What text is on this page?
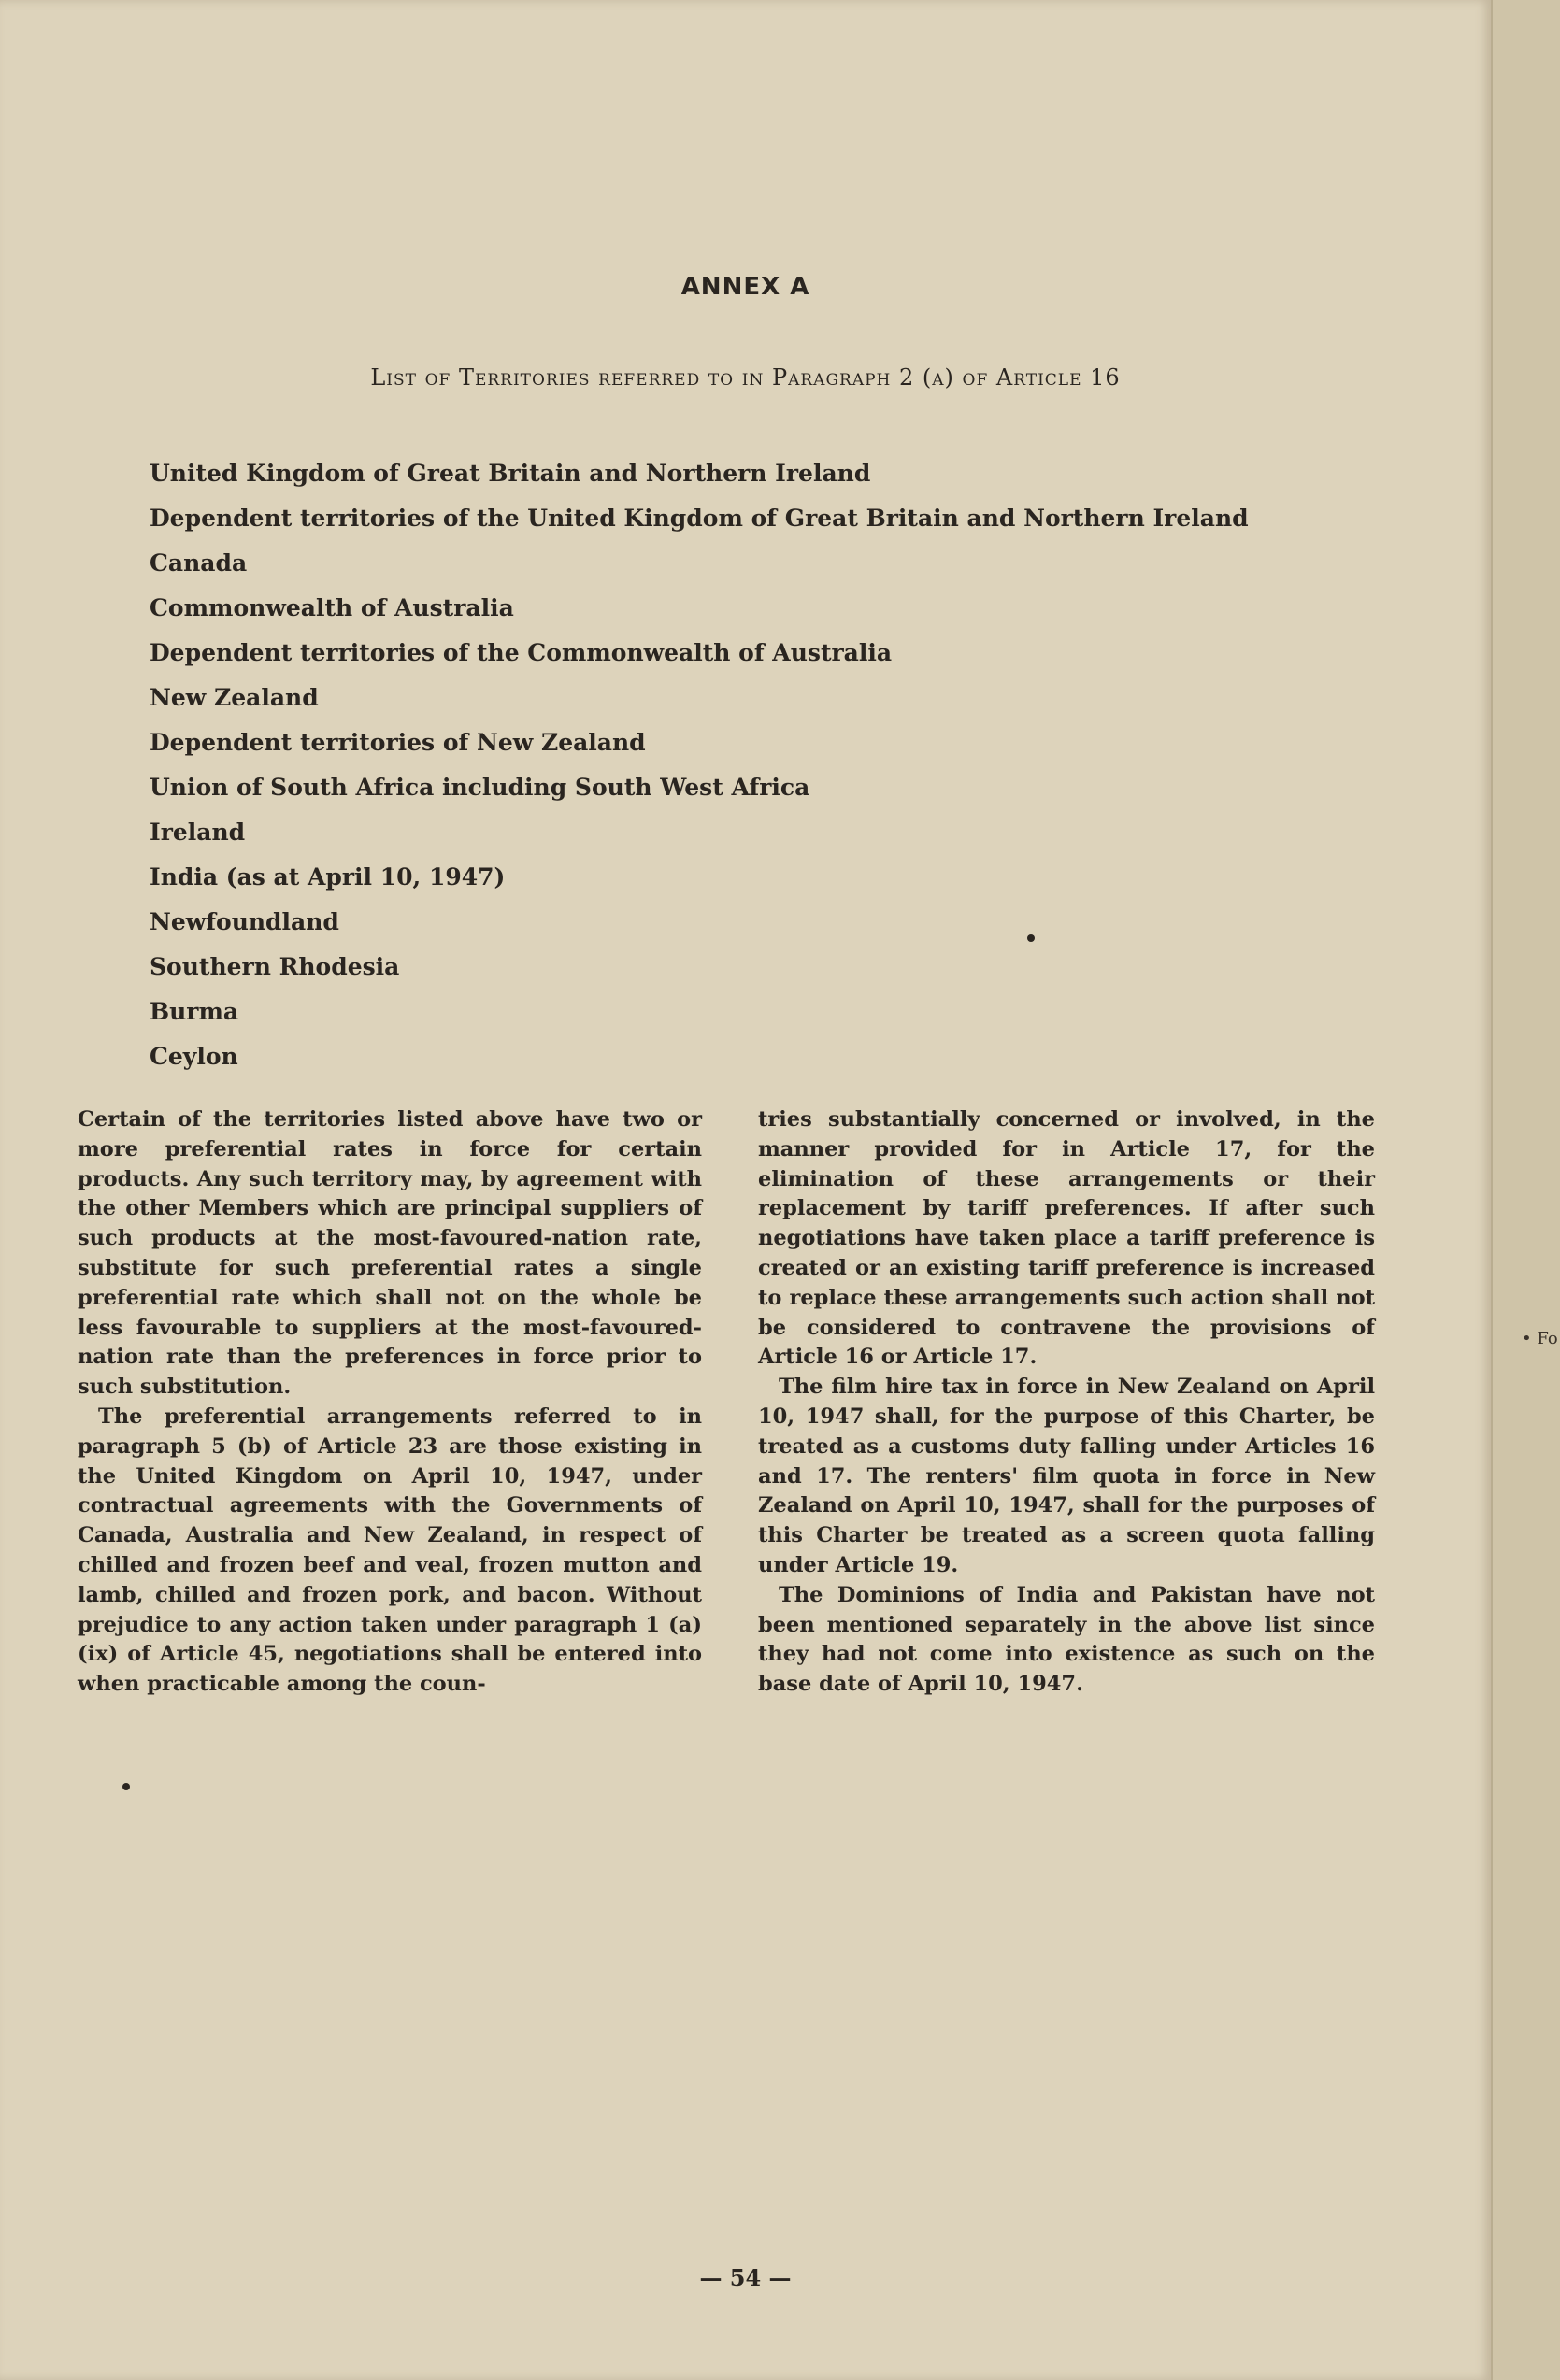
ANNEX A
List of Territories referred to in Paragraph 2 (a) of Article 16
United Kingdom of Great Britain and Northern Ireland
Dependent territories of the United Kingdom of Great Britain and Northern Ireland
Canada
Commonwealth of Australia
Dependent territories of the Commonwealth of Australia
New Zealand
Dependent territories of New Zealand
Union of South Africa including South West Africa
Ireland
India (as at April 10, 1947)
Newfoundland
Southern Rhodesia
Burma
Ceylon

Certain of the territories listed above have two or more preferential rates in force for certain products. Any such territory may, by agreement with the other Members which are principal suppliers of such products at the most-favoured-nation rate, substitute for such preferential rates a single preferential rate which shall not on the whole be less favourable to suppliers at the most-favoured-nation rate than the preferences in force prior to such substitution.

The preferential arrangements referred to in paragraph 5 (b) of Article 23 are those existing in the United Kingdom on April 10, 1947, under contractual agreements with the Governments of Canada, Australia and New Zealand, in respect of chilled and frozen beef and veal, frozen mutton and lamb, chilled and frozen pork, and bacon. Without prejudice to any action taken under paragraph 1 (a) (ix) of Article 45, negotiations shall be entered into when practicable among the coun-

tries substantially concerned or involved, in the manner provided for in Article 17, for the elimination of these arrangements or their replacement by tariff preferences. If after such negotiations have taken place a tariff preference is created or an existing tariff preference is increased to replace these arrangements such action shall not be considered to contravene the provisions of Article 16 or Article 17.

The film hire tax in force in New Zealand on April 10, 1947 shall, for the purpose of this Charter, be treated as a customs duty falling under Articles 16 and 17. The renters' film quota in force in New Zealand on April 10, 1947, shall for the purposes of this Charter be treated as a screen quota falling under Article 19.

The Dominions of India and Pakistan have not been mentioned separately in the above list since they had not come into existence as such on the base date of April 10, 1947.

— 54 —
• Fo
